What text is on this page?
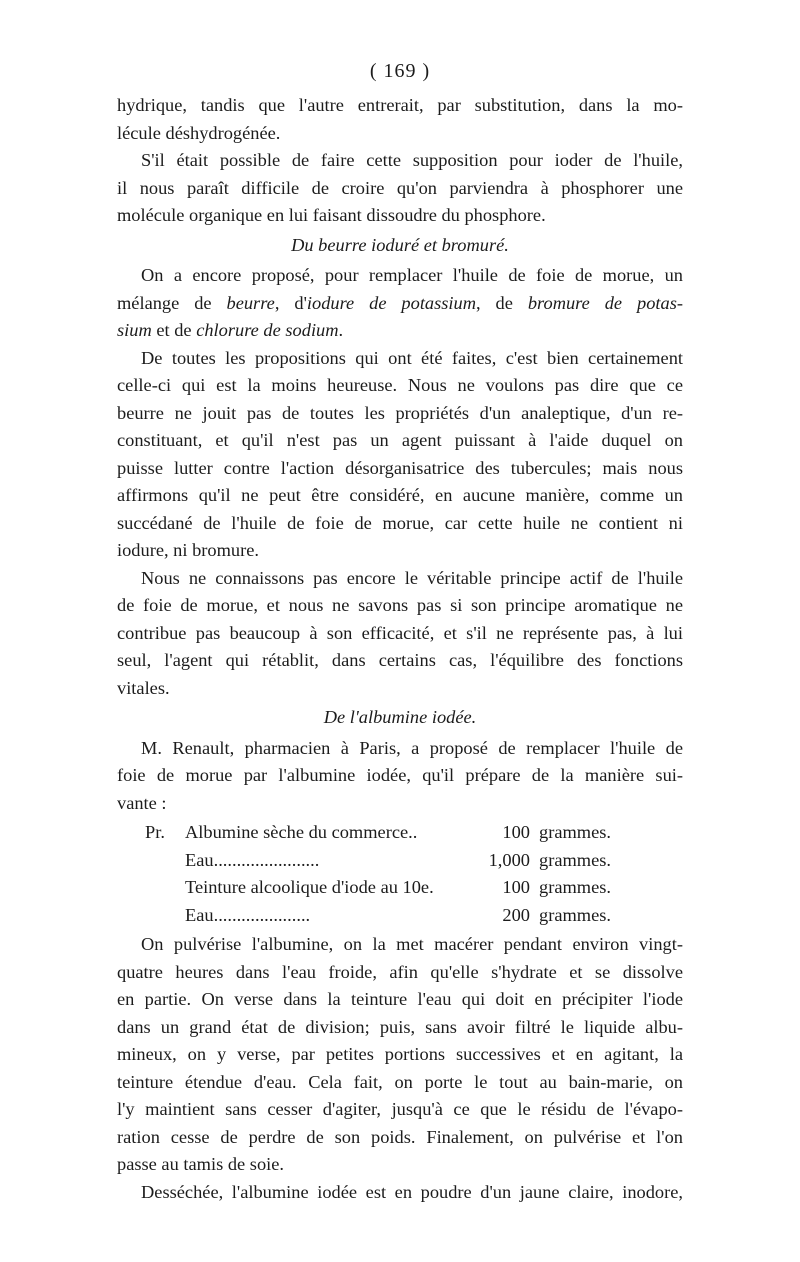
( 169 )
hydrique, tandis que l'autre entrerait, par substitution, dans la mo-
lécule déshydrogénée.
S'il était possible de faire cette supposition pour ioder de l'huile,
il nous paraît difficile de croire qu'on parviendra à phosphorer une
molécule organique en lui faisant dissoudre du phosphore.
Du beurre ioduré et bromuré.
On a encore proposé, pour remplacer l'huile de foie de morue, un
mélange de beurre, d'iodure de potassium, de bromure de potas-
sium et de chlorure de sodium.
De toutes les propositions qui ont été faites, c'est bien certainement
celle-ci qui est la moins heureuse. Nous ne voulons pas dire que ce
beurre ne jouit pas de toutes les propriétés d'un analeptique, d'un re-
constituant, et qu'il n'est pas un agent puissant à l'aide duquel on
puisse lutter contre l'action désorganisatrice des tubercules; mais nous
affirmons qu'il ne peut être considéré, en aucune manière, comme un
succédané de l'huile de foie de morue, car cette huile ne contient ni
iodure, ni bromure.
Nous ne connaissons pas encore le véritable principe actif de l'huile
de foie de morue, et nous ne savons pas si son principe aromatique ne
contribue pas beaucoup à son efficacité, et s'il ne représente pas, à lui
seul, l'agent qui rétablit, dans certains cas, l'équilibre des fonctions
vitales.
De l'albumine iodée.
M. Renault, pharmacien à Paris, a proposé de remplacer l'huile de
foie de morue par l'albumine iodée, qu'il prépare de la manière sui-
vante :
Pr.	Albumine sèche du commerce..	100 grammes.
Eau.......................	1,000 grammes.
Teinture alcoolique d'iode au 10e.	100 grammes.
Eau.....................	200 grammes.
On pulvérise l'albumine, on la met macérer pendant environ vingt-
quatre heures dans l'eau froide, afin qu'elle s'hydrate et se dissolve
en partie. On verse dans la teinture l'eau qui doit en précipiter l'iode
dans un grand état de division; puis, sans avoir filtré le liquide albu-
mineux, on y verse, par petites portions successives et en agitant, la
teinture étendue d'eau. Cela fait, on porte le tout au bain-marie, on
l'y maintient sans cesser d'agiter, jusqu'à ce que le résidu de l'évapo-
ration cesse de perdre de son poids. Finalement, on pulvérise et l'on
passe au tamis de soie.
Desséchée, l'albumine iodée est en poudre d'un jaune claire, inodore,
